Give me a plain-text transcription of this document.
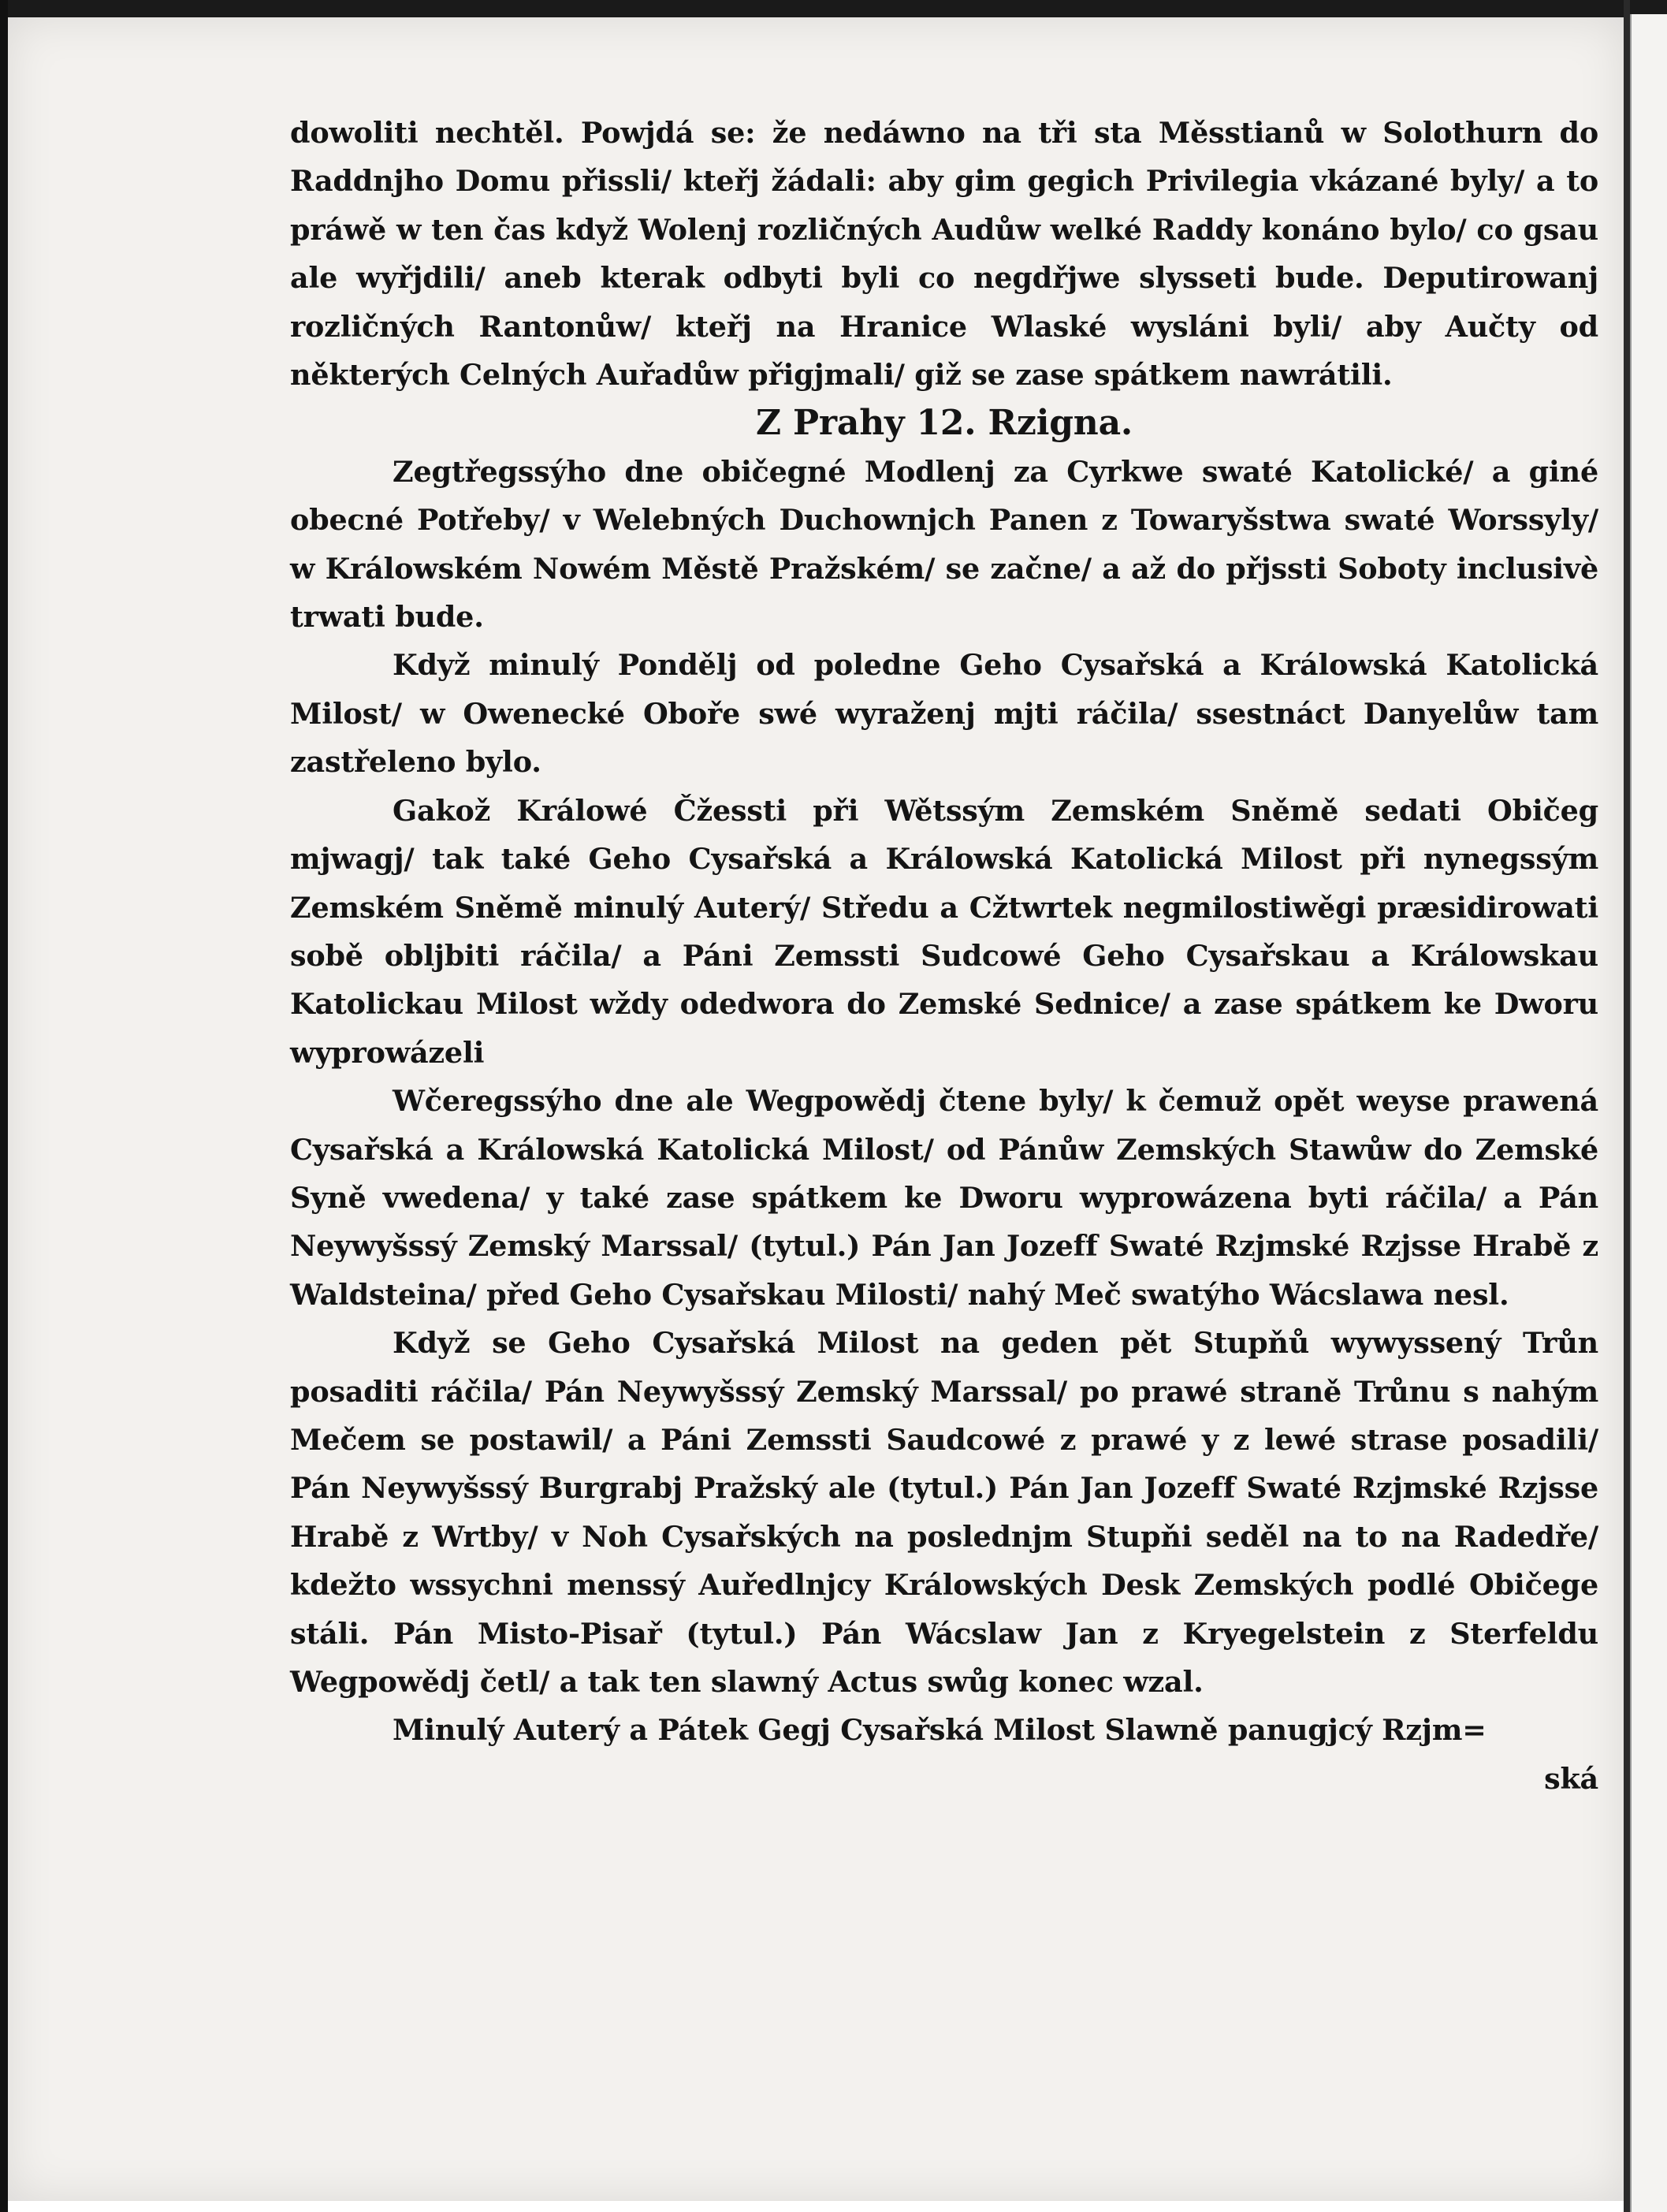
dowoliti nechtěl. Powjdá se: že nedáwno na tři sta Měsstianů w Solothurn do Raddnjho Domu přissli/ kteřj žádali: aby gim gegich Privilegia vkázané byly/ a to práwě w ten čas když Wolenj rozličných Audůw welké Raddy konáno bylo/ co gsau ale wyřjdili/ aneb kterak odbyti byli co negdřjwe slysseti bude. Deputirowanj rozličných Rantonůw/ kteřj na Hranice Wlaské wysláni byli/ aby Aučty od některých Celných Auřadůw přigjmali/ giž se zase spátkem nawrátili.

Z Prahy 12. Rzigna.

Zegtřegssýho dne običegné Modlenj za Cyrkwe swaté Katolické/ a giné obecné Potřeby/ v Welebných Duchownjch Panen z Towaryšstwa swaté Worssyly/ w Králowském Nowém Městě Pražském/ se začne/ a až do přjssti Soboty inclusivè trwati bude.

Když minulý Pondělj od poledne Geho Cysařská a Králowská Katolická Milost/ w Owenecké Oboře swé wyraženj mjti ráčila/ ssestnáct Danyelůw tam zastřeleno bylo.

Gakož Králowé Čžessti při Wětssým Zemském Sněmě sedati Običeg mjwagj/ tak také Geho Cysařská a Králowská Katolická Milost při nynegssým Zemském Sněmě minulý Auterý/ Středu a Cžtwrtek negmilostiwěgi præsidirowati sobě obljbiti ráčila/ a Páni Zemssti Sudcowé Geho Cysařskau a Králowskau Katolickau Milost wždy odedwora do Zemské Sednice/ a zase spátkem ke Dworu wyprowázeli

Wčeregssýho dne ale Wegpowědj čtene byly/ k čemuž opět weyse prawená Cysařská a Králowská Katolická Milost/ od Pánůw Zemských Stawůw do Zemské Syně vwedena/ y také zase spátkem ke Dworu wyprowázena byti ráčila/ a Pán Neywyšssý Zemský Marssal/ (tytul.) Pán Jan Jozeff Swaté Rzjmské Rzjsse Hrabě z Waldsteina/ před Geho Cysařskau Milosti/ nahý Meč swatýho Wácslawa nesl.

Když se Geho Cysařská Milost na geden pět Stupňů wywyssený Trůn posaditi ráčila/ Pán Neywyšssý Zemský Marssal/ po prawé straně Trůnu s nahým Mečem se postawil/ a Páni Zemssti Saudcowé z prawé y z lewé strase posadili/ Pán Neywyšssý Burgrabj Pražský ale (tytul.) Pán Jan Jozeff Swaté Rzjmské Rzjsse Hrabě z Wrtby/ v Noh Cysařských na poslednjm Stupňi seděl na to na Radedře/ kdežto wssychni menssý Auředlnjcy Králowských Desk Zemských podlé Običege stáli. Pán Misto-Pisař (tytul.) Pán Wácslaw Jan z Kryegelstein z Sterfeldu Wegpowědj četl/ a tak ten slawný Actus swůg konec wzal.

Minulý Auterý a Pátek Gegj Cysařská Milost Slawně panugjcý Rzjm=

ská
